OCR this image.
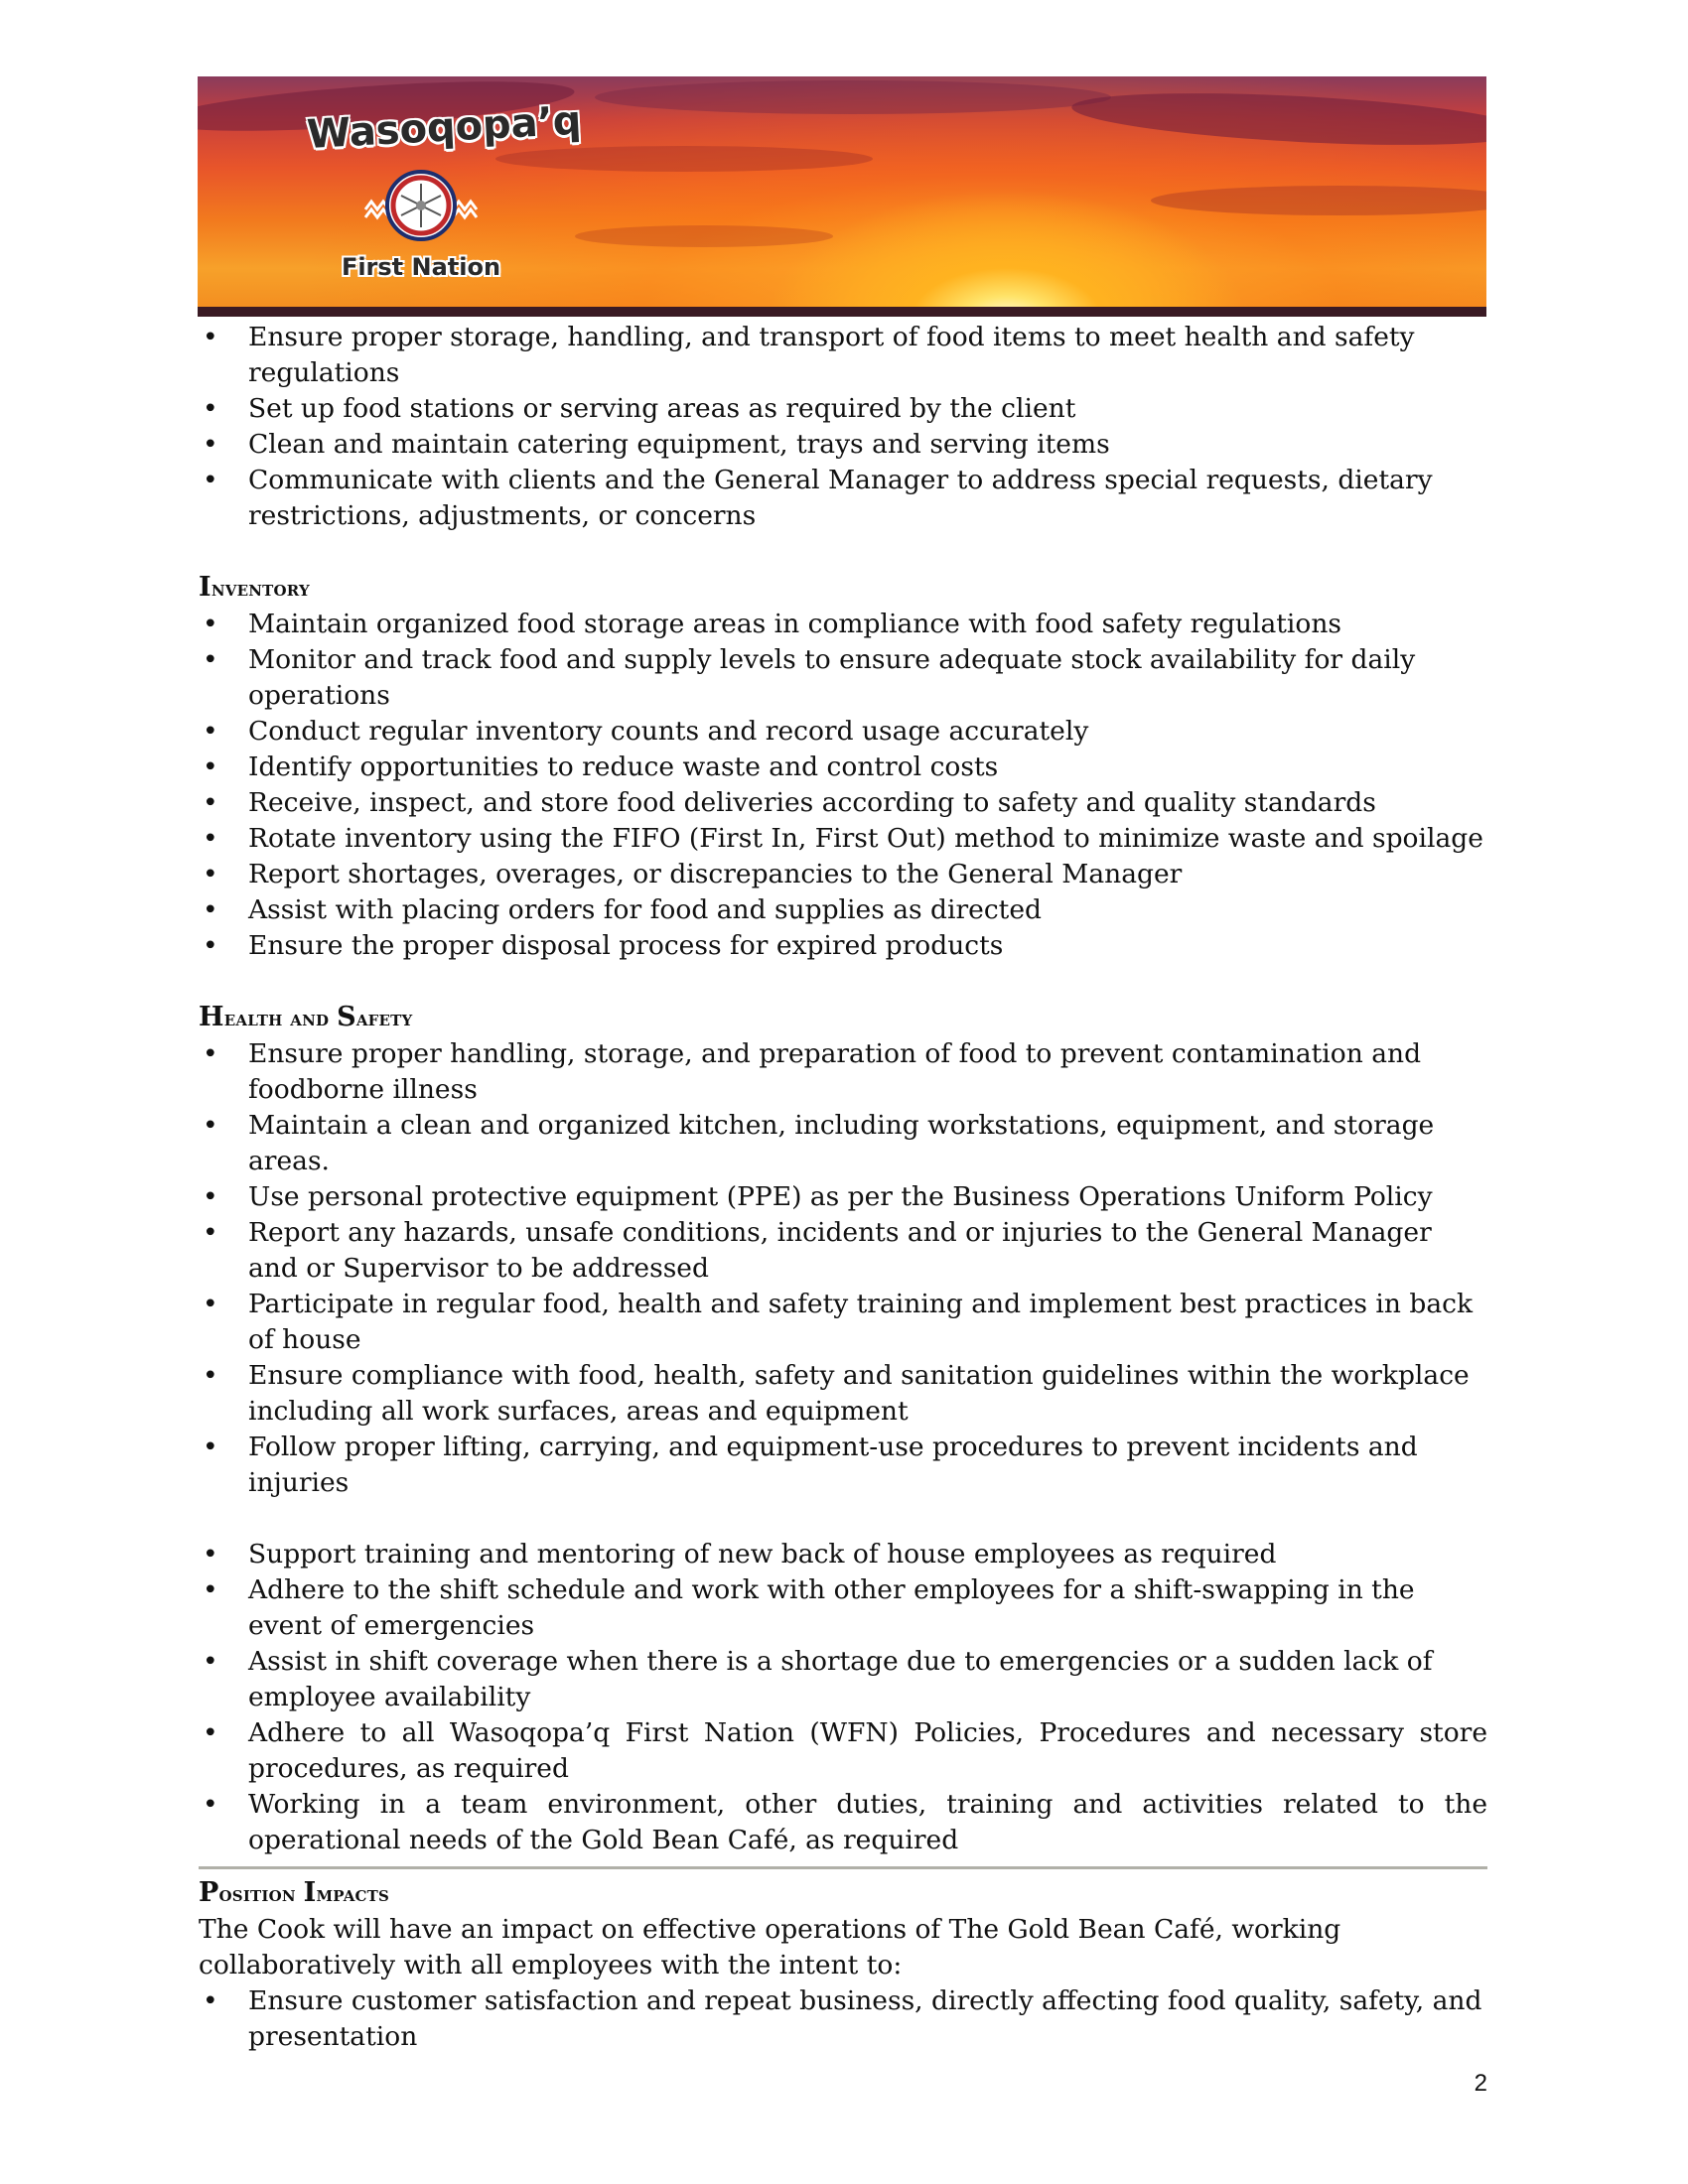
Wasoqopa’q
First Nation
•	Ensure proper storage, handling, and transport of food items to meet health and safety regulations
•	Set up food stations or serving areas as required by the client
•	Clean and maintain catering equipment, trays and serving items
•	Communicate with clients and the General Manager to address special requests, dietary restrictions, adjustments, or concerns
Inventory
•	Maintain organized food storage areas in compliance with food safety regulations
•	Monitor and track food and supply levels to ensure adequate stock availability for daily operations
•	Conduct regular inventory counts and record usage accurately
•	Identify opportunities to reduce waste and control costs
•	Receive, inspect, and store food deliveries according to safety and quality standards
•	Rotate inventory using the FIFO (First In, First Out) method to minimize waste and spoilage
•	Report shortages, overages, or discrepancies to the General Manager
•	Assist with placing orders for food and supplies as directed
•	Ensure the proper disposal process for expired products
Health and Safety
•	Ensure proper handling, storage, and preparation of food to prevent contamination and foodborne illness
•	Maintain a clean and organized kitchen, including workstations, equipment, and storage areas.
•	Use personal protective equipment (PPE) as per the Business Operations Uniform Policy
•	Report any hazards, unsafe conditions, incidents and or injuries to the General Manager and or Supervisor to be addressed
•	Participate in regular food, health and safety training and implement best practices in back of house
•	Ensure compliance with food, health, safety and sanitation guidelines within the workplace including all work surfaces, areas and equipment
•	Follow proper lifting, carrying, and equipment-use procedures to prevent incidents and injuries
•	Support training and mentoring of new back of house employees as required
•	Adhere to the shift schedule and work with other employees for a shift-swapping in the event of emergencies
•	Assist in shift coverage when there is a shortage due to emergencies or a sudden lack of employee availability
•	Adhere to all Wasoqopa’q First Nation (WFN) Policies, Procedures and necessary store procedures, as required
•	Working in a team environment, other duties, training and activities related to the operational needs of the Gold Bean Café, as required
Position Impacts

The Cook will have an impact on effective operations of The Gold Bean Café, working collaboratively with all employees with the intent to:

•	Ensure customer satisfaction and repeat business, directly affecting food quality, safety, and presentation
2
